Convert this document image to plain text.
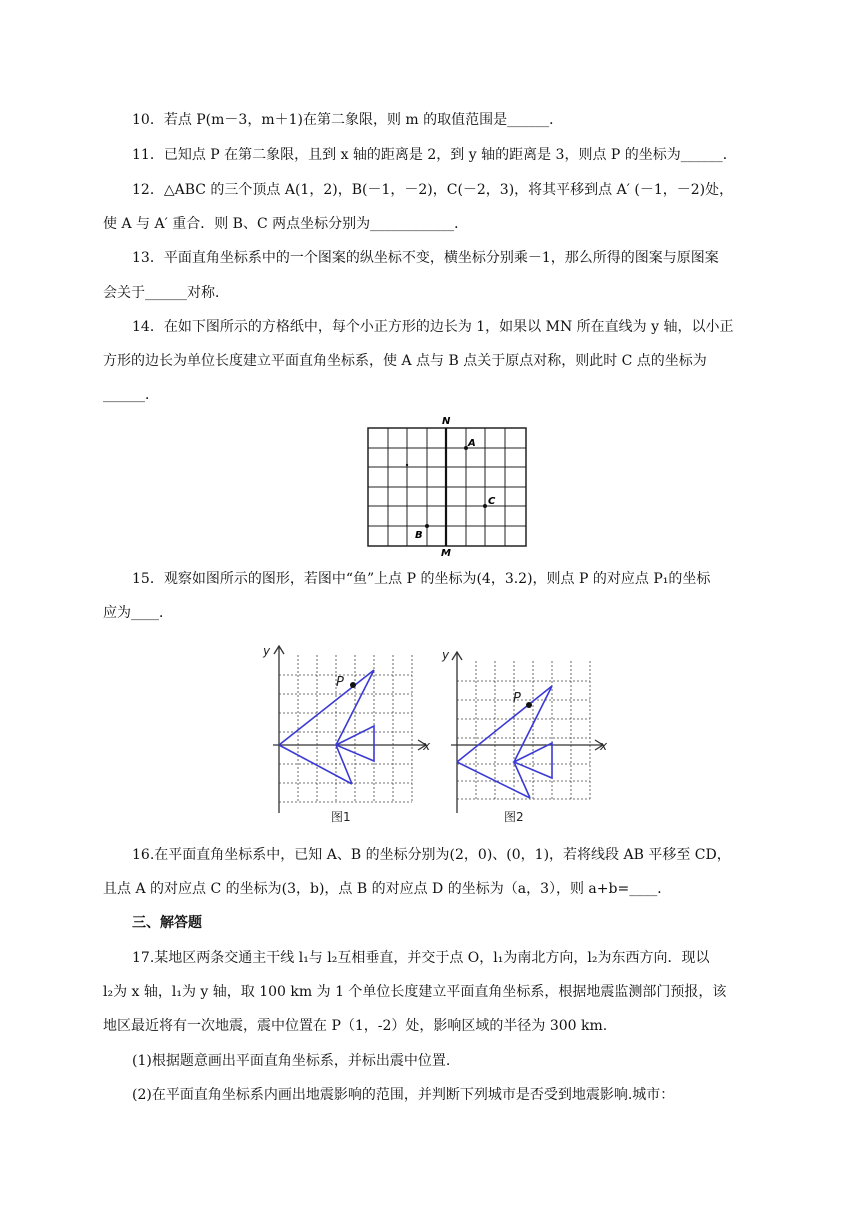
10．若点 P(m－3，m＋1)在第二象限，则 m 的取值范围是______．
11．已知点 P 在第二象限，且到 x 轴的距离是 2，到 y 轴的距离是 3，则点 P 的坐标为______．
12．△ABC 的三个顶点 A(1，2)，B(－1，－2)，C(－2，3)，将其平移到点 A′ (－1，－2)处，
使 A 与 A′ 重合．则 B、C 两点坐标分别为____________．
13．平面直角坐标系中的一个图案的纵坐标不变，横坐标分别乘－1，那么所得的图案与原图案
会关于______对称．
14．在如下图所示的方格纸中，每个小正方形的边长为 1，如果以 MN 所在直线为 y 轴，以小正
方形的边长为单位长度建立平面直角坐标系，使 A 点与 B 点关于原点对称，则此时 C 点的坐标为
______．
N
A
C
B
M
15．观察如图所示的图形，若图中“鱼”上点 P 的坐标为(4，3.2)，则点 P 的对应点 P₁的坐标
应为____．
P
x
y
图1
P
x
y
图2
16.在平面直角坐标系中，已知 A、B 的坐标分别为(2，0)、(0，1)，若将线段 AB 平移至 CD，
且点 A 的对应点 C 的坐标为(3，b)，点 B 的对应点 D 的坐标为（a，3），则 a+b=____．
三、解答题
17.某地区两条交通主干线 l₁与 l₂互相垂直，并交于点 O，l₁为南北方向，l₂为东西方向．现以
l₂为 x 轴，l₁为 y 轴，取 100 km 为 1 个单位长度建立平面直角坐标系，根据地震监测部门预报，该
地区最近将有一次地震，震中位置在 P（1，-2）处，影响区域的半径为 300 km.
(1)根据题意画出平面直角坐标系，并标出震中位置.
(2)在平面直角坐标系内画出地震影响的范围，并判断下列城市是否受到地震影响.城市：
